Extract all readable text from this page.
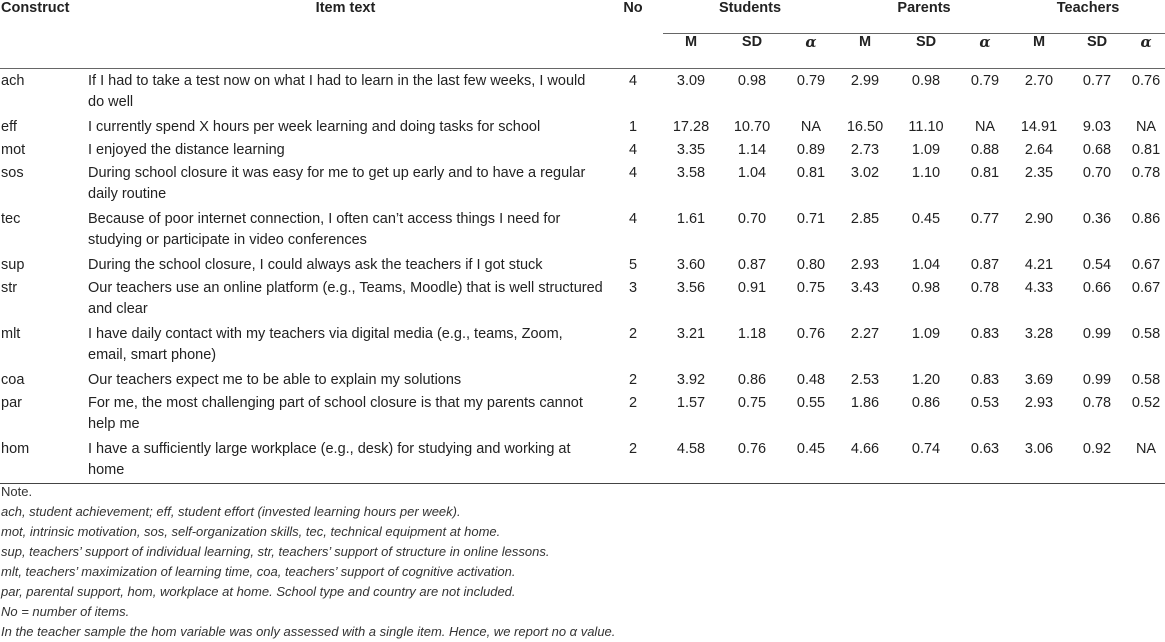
Construct	Item text	No	Students			Parents			Teachers		
			M	SD	α	M	SD	α	M	SD	α
ach	If I had to take a test now on what I had to learn in the last few weeks, I would do well	4	3.09	0.98	0.79	2.99	0.98	0.79	2.70	0.77	0.76
eff	I currently spend X hours per week learning and doing tasks for school	1	17.28	10.70	NA	16.50	11.10	NA	14.91	9.03	NA
mot	I enjoyed the distance learning	4	3.35	1.14	0.89	2.73	1.09	0.88	2.64	0.68	0.81
sos	During school closure it was easy for me to get up early and to have a regular daily routine	4	3.58	1.04	0.81	3.02	1.10	0.81	2.35	0.70	0.78
tec	Because of poor internet connection, I often can’t access things I need for studying or participate in video conferences	4	1.61	0.70	0.71	2.85	0.45	0.77	2.90	0.36	0.86
sup	During the school closure, I could always ask the teachers if I got stuck	5	3.60	0.87	0.80	2.93	1.04	0.87	4.21	0.54	0.67
str	Our teachers use an online platform (e.g., Teams, Moodle) that is well structured and clear	3	3.56	0.91	0.75	3.43	0.98	0.78	4.33	0.66	0.67
mlt	I have daily contact with my teachers via digital media (e.g., teams, Zoom, email, smart phone)	2	3.21	1.18	0.76	2.27	1.09	0.83	3.28	0.99	0.58
coa	Our teachers expect me to be able to explain my solutions	2	3.92	0.86	0.48	2.53	1.20	0.83	3.69	0.99	0.58
par	For me, the most challenging part of school closure is that my parents cannot help me	2	1.57	0.75	0.55	1.86	0.86	0.53	2.93	0.78	0.52
hom	I have a sufficiently large workplace (e.g., desk) for studying and working at home	2	4.58	0.76	0.45	4.66	0.74	0.63	3.06	0.92	NA

Note.
ach, student achievement; eff, student effort (invested learning hours per week).
mot, intrinsic motivation, sos, self-organization skills, tec, technical equipment at home.
sup, teachers’ support of individual learning, str, teachers’ support of structure in online lessons.
mlt, teachers’ maximization of learning time, coa, teachers’ support of cognitive activation.
par, parental support, hom, workplace at home. School type and country are not included.
No = number of items.
In the teacher sample the hom variable was only assessed with a single item. Hence, we report no α value.
